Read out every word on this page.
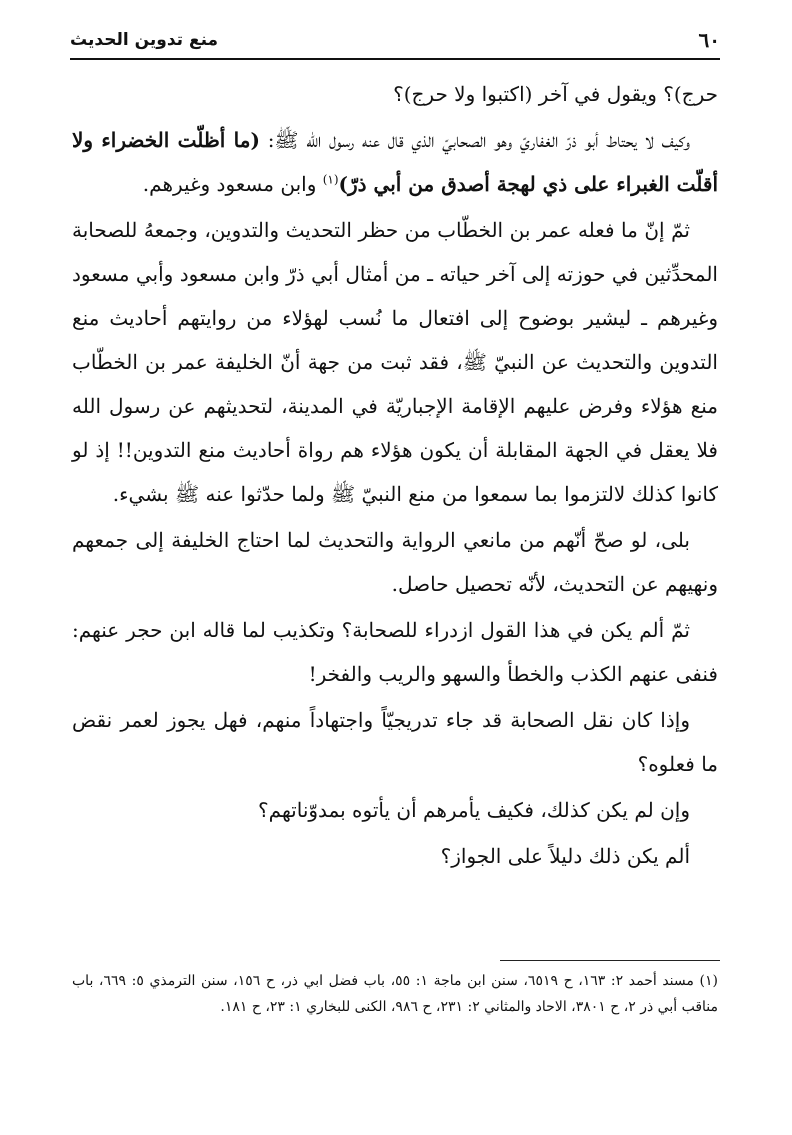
٦٠
منع تدوين الحديث

حرج)؟ ويقول في آخر (اكتبوا ولا حرج)؟

وكيف لا يحتاط أبو ذرّ الغفاريّ وهو الصحابيّ الذي قال عنه رسول الله ﷺ: (ما أظلّت الخضراء ولا أقلّت الغبراء على ذي لهجة أصدق من أبي ذرّ)$^{(١)}$ وابن مسعود وغيرهم.

ثمّ إنّ ما فعله عمر بن الخطّاب من حظر التحديث والتدوين، وجمعهُ للصحابة المحدِّثين في حوزته إلى آخر حياته ـ من أمثال أبي ذرّ وابن مسعود وأبي مسعود وغيرهم ـ ليشير بوضوح إلى افتعال ما نُسب لهؤلاء من روايتهم أحاديث منع التدوين والتحديث عن النبيّ ﷺ، فقد ثبت من جهة أنّ الخليفة عمر بن الخطّاب منع هؤلاء وفرض عليهم الإقامة الإجباريّة في المدينة، لتحديثهم عن رسول الله فلا يعقل في الجهة المقابلة أن يكون هؤلاء هم رواة أحاديث منع التدوين!! إذ لو كانوا كذلك لالتزموا بما سمعوا من منع النبيّ ﷺ ولما حدّثوا عنه ﷺ بشيء.

بلى، لو صحّ أنّهم من مانعي الرواية والتحديث لما احتاج الخليفة إلى جمعهم ونهيهم عن التحديث، لأنّه تحصيل حاصل.

ثمّ ألم يكن في هذا القول ازدراء للصحابة؟ وتكذيب لما قاله ابن حجر عنهم: فنفى عنهم الكذب والخطأ والسهو والريب والفخر!

وإذا كان نقل الصحابة قد جاء تدريجيّاً واجتهاداً منهم، فهل يجوز لعمر نقض ما فعلوه؟

وإن لم يكن كذلك، فكيف يأمرهم أن يأتوه بمدوّناتهم؟

ألم يكن ذلك دليلاً على الجواز؟

(١) مسند أحمد ٢: ١٦٣، ح ٦٥١٩، سنن ابن ماجة ١: ٥٥، باب فضل ابي ذر، ح ١٥٦، سنن الترمذي ٥: ٦٦٩، باب مناقب أبي ذر ٢، ح ٣٨٠١، الاحاد والمثاني ٢: ٢٣١، ح ٩٨٦، الكنى للبخاري ١: ٢٣، ح ١٨١.
